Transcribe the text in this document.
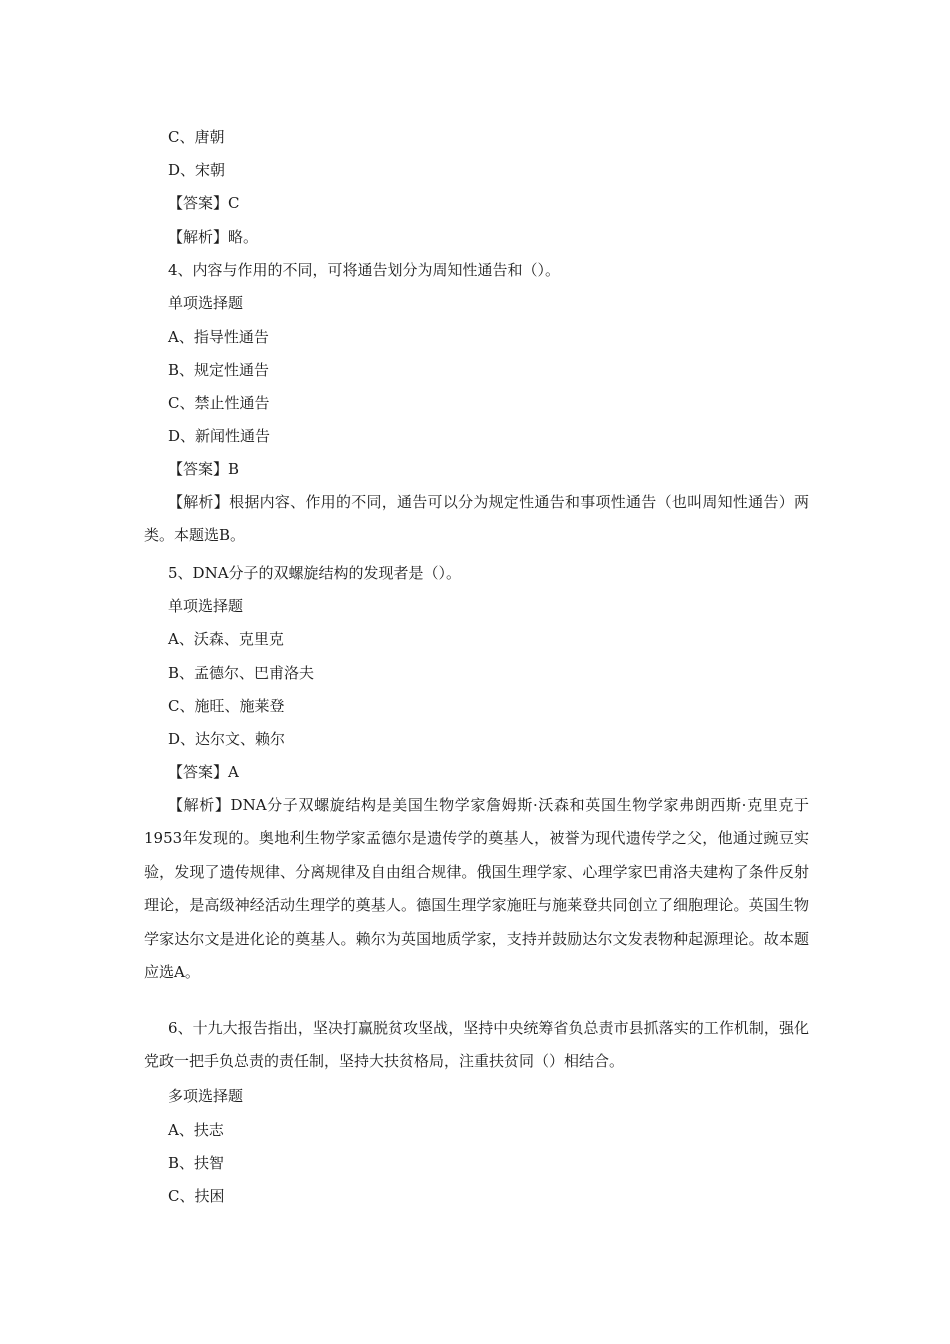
C、唐朝
D、宋朝
【答案】C
【解析】略。
4、内容与作用的不同，可将通告划分为周知性通告和（）。
单项选择题
A、指导性通告
B、规定性通告
C、禁止性通告
D、新闻性通告
【答案】B
【解析】根据内容、作用的不同，通告可以分为规定性通告和事项性通告（也叫周知性通告）两类。本题选B。
5、DNA分子的双螺旋结构的发现者是（）。
单项选择题
A、沃森、克里克
B、孟德尔、巴甫洛夫
C、施旺、施莱登
D、达尔文、赖尔
【答案】A
【解析】DNA分子双螺旋结构是美国生物学家詹姆斯·沃森和英国生物学家弗朗西斯·克里克于1953年发现的。奥地利生物学家孟德尔是遗传学的奠基人，被誉为现代遗传学之父，他通过豌豆实验，发现了遗传规律、分离规律及自由组合规律。俄国生理学家、心理学家巴甫洛夫建构了条件反射理论，是高级神经活动生理学的奠基人。德国生理学家施旺与施莱登共同创立了细胞理论。英国生物学家达尔文是进化论的奠基人。赖尔为英国地质学家，支持并鼓励达尔文发表物种起源理论。故本题应选A。
6、十九大报告指出，坚决打赢脱贫攻坚战，坚持中央统筹省负总责市县抓落实的工作机制，强化党政一把手负总责的责任制，坚持大扶贫格局，注重扶贫同（）相结合。
多项选择题
A、扶志
B、扶智
C、扶困
